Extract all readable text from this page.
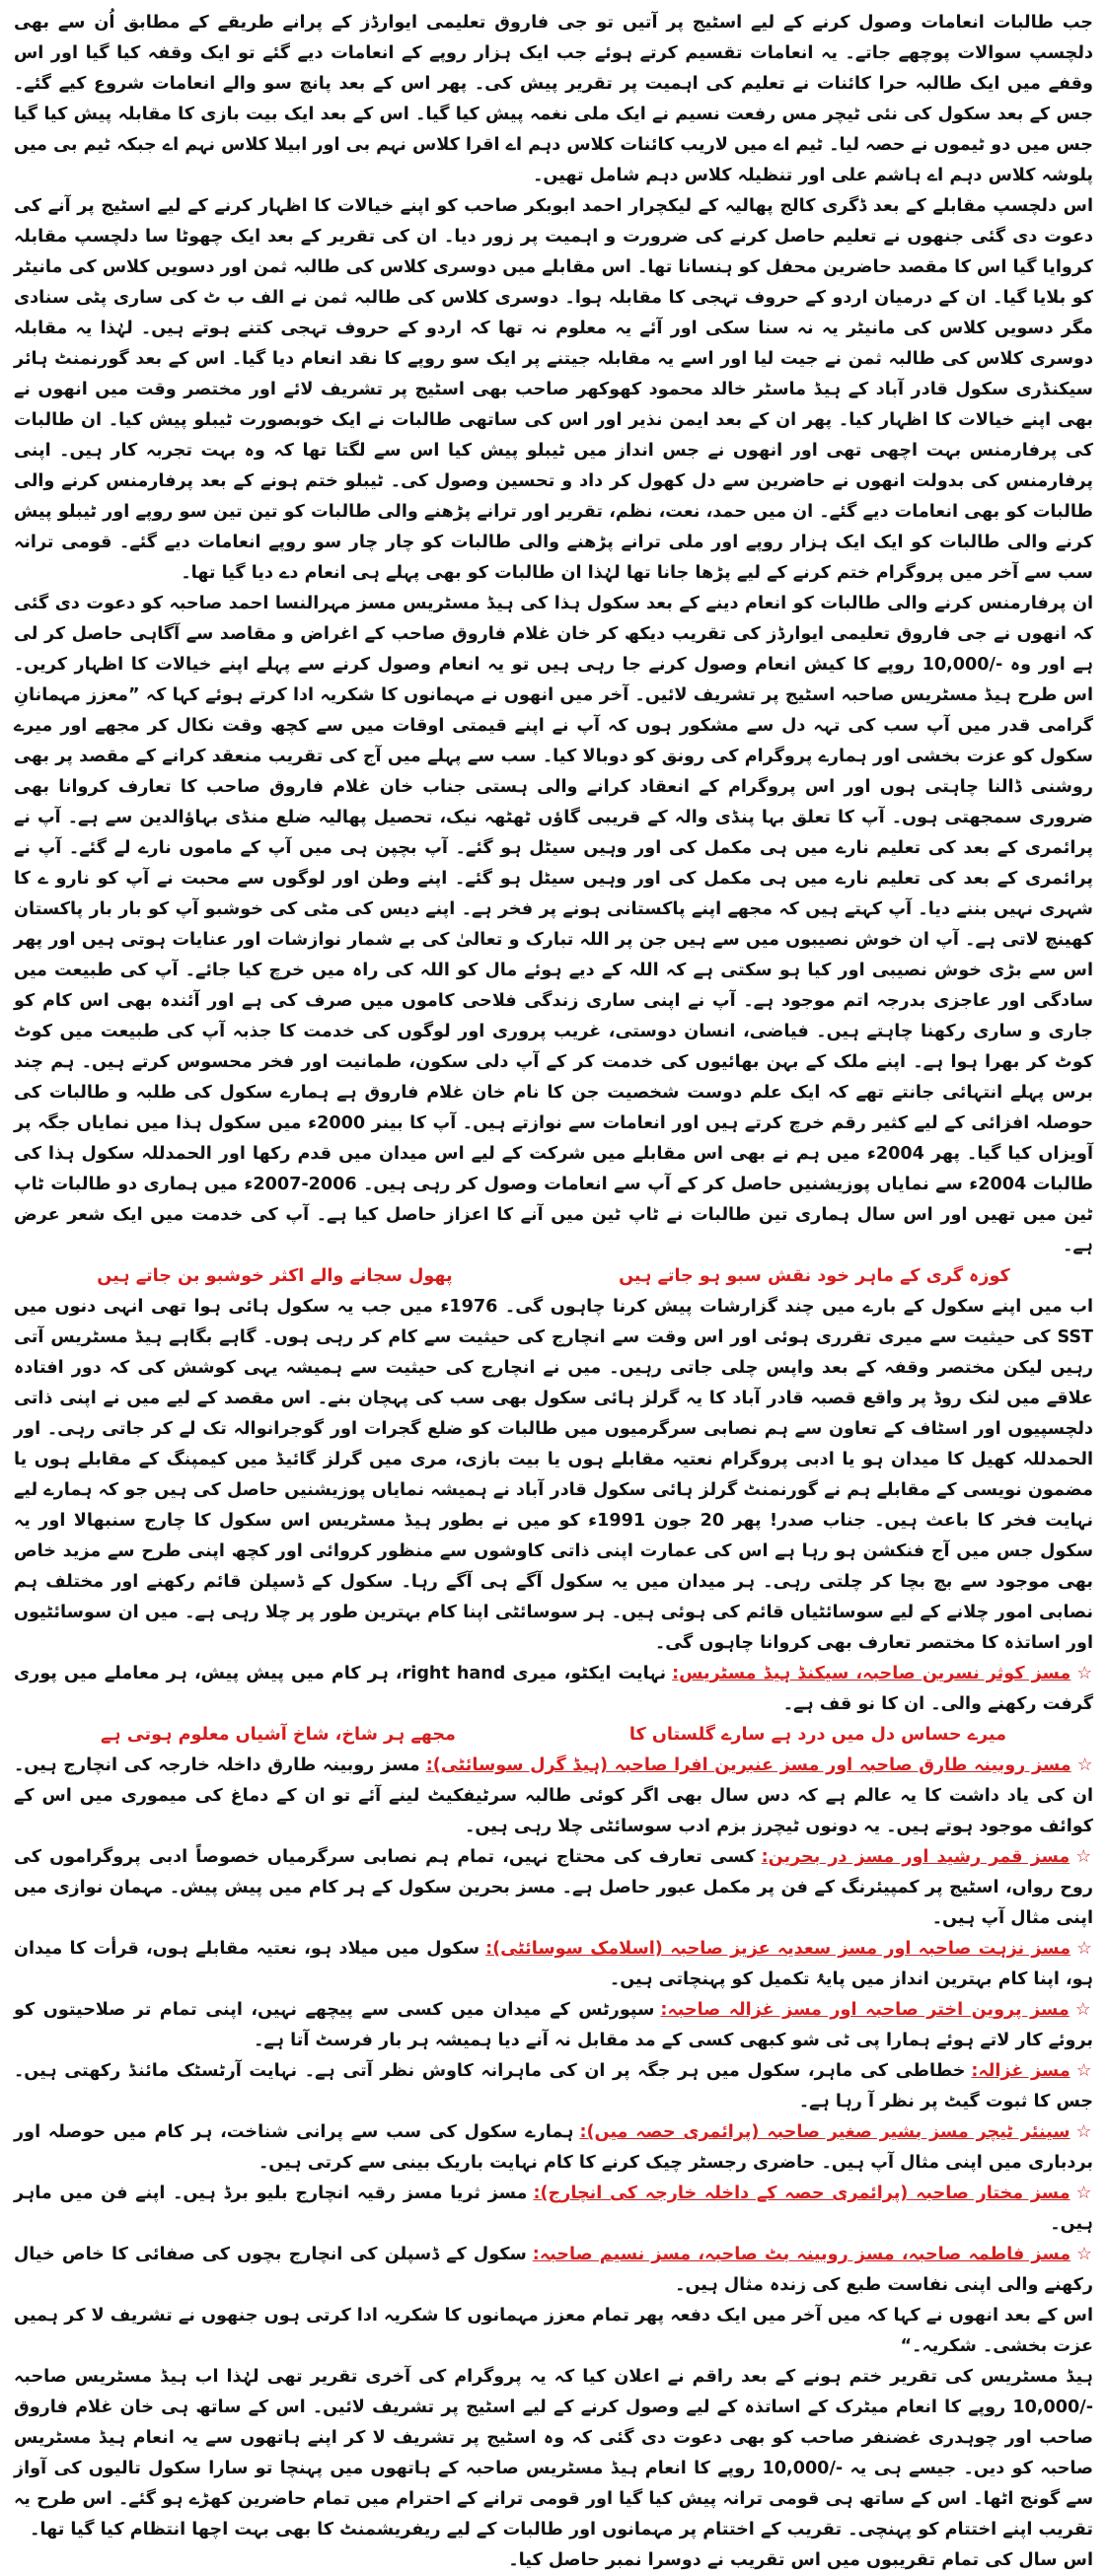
جب طالبات انعامات وصول کرنے کے لیے اسٹیج پر آتیں تو جی فاروق تعلیمی ایوارڈز کے پرانے طریقے کے مطابق اُن سے بھی دلچسپ سوالات پوچھے جاتے۔ یہ انعامات تقسیم کرتے ہوئے جب ایک ہزار روپے کے انعامات دیے گئے تو ایک وقفہ کیا گیا اور اس وقفے میں ایک طالبہ حرا کائنات نے تعلیم کی اہمیت پر تقریر پیش کی۔ پھر اس کے بعد پانچ سو والے انعامات شروع کیے گئے۔ جس کے بعد سکول کی نئی ٹیچر مس رفعت نسیم نے ایک ملی نغمہ پیش کیا گیا۔ اس کے بعد ایک بیت بازی کا مقابلہ پیش کیا گیا جس میں دو ٹیموں نے حصہ لیا۔ ٹیم اے میں لاریب کائنات کلاس دہم اے اقرا کلاس نہم بی اور ابیلا کلاس نہم اے جبکہ ٹیم بی میں پلوشہ کلاس دہم اے ہاشم علی اور تنظیلہ کلاس دہم شامل تھیں۔

اس دلچسپ مقابلے کے بعد ڈگری کالج پھالیہ کے لیکچرار احمد ابوبکر صاحب کو اپنے خیالات کا اظہار کرنے کے لیے اسٹیج پر آنے کی دعوت دی گئی جنھوں نے تعلیم حاصل کرنے کی ضرورت و اہمیت پر زور دیا۔ ان کی تقریر کے بعد ایک چھوٹا سا دلچسپ مقابلہ کروایا گیا اس کا مقصد حاضرین محفل کو ہنسانا تھا۔ اس مقابلے میں دوسری کلاس کی طالبہ ثمن اور دسویں کلاس کی مانیٹر کو بلایا گیا۔ ان کے درمیان اردو کے حروف تہجی کا مقابلہ ہوا۔ دوسری کلاس کی طالبہ ثمن نے الف ب ٹ کی ساری پٹی سنادی مگر دسویں کلاس کی مانیٹر یہ نہ سنا سکی اور آئے یہ معلوم نہ تھا کہ اردو کے حروف تہجی کتنے ہوتے ہیں۔ لہٰذا یہ مقابلہ دوسری کلاس کی طالبہ ثمن نے جیت لیا اور اسے یہ مقابلہ جیتنے پر ایک سو روپے کا نقد انعام دیا گیا۔ اس کے بعد گورنمنٹ ہائر سیکنڈری سکول قادر آباد کے ہیڈ ماسٹر خالد محمود کھوکھر صاحب بھی اسٹیج پر تشریف لائے اور مختصر وقت میں انھوں نے بھی اپنے خیالات کا اظہار کیا۔ پھر ان کے بعد ایمن نذیر اور اس کی ساتھی طالبات نے ایک خوبصورت ٹیبلو پیش کیا۔ ان طالبات کی پرفارمنس بہت اچھی تھی اور انھوں نے جس انداز میں ٹیبلو پیش کیا اس سے لگتا تھا کہ وہ بہت تجربہ کار ہیں۔ اپنی پرفارمنس کی بدولت انھوں نے حاضرین سے دل کھول کر داد و تحسین وصول کی۔ ٹیبلو ختم ہونے کے بعد پرفارمنس کرنے والی طالبات کو بھی انعامات دیے گئے۔ ان میں حمد، نعت، نظم، تقریر اور ترانے پڑھنے والی طالبات کو تین تین سو روپے اور ٹیبلو پیش کرنے والی طالبات کو ایک ایک ہزار روپے اور ملی ترانے پڑھنے والی طالبات کو چار چار سو روپے انعامات دیے گئے۔ قومی ترانہ سب سے آخر میں پروگرام ختم کرنے کے لیے پڑھا جانا تھا لہٰذا ان طالبات کو بھی پہلے ہی انعام دے دیا گیا تھا۔

ان پرفارمنس کرنے والی طالبات کو انعام دینے کے بعد سکول ہذا کی ہیڈ مسٹریس مسز مہرالنسا احمد صاحبہ کو دعوت دی گئی کہ انھوں نے جی فاروق تعلیمی ایوارڈز کی تقریب دیکھ کر خان غلام فاروق صاحب کے اغراض و مقاصد سے آگاہی حاصل کر لی ہے اور وہ -/10,000 روپے کا کیش انعام وصول کرنے جا رہی ہیں تو یہ انعام وصول کرنے سے پہلے اپنے خیالات کا اظہار کریں۔ اس طرح ہیڈ مسٹریس صاحبہ اسٹیج پر تشریف لائیں۔ آخر میں انھوں نے مہمانوں کا شکریہ ادا کرتے ہوئے کہا کہ ”معزز مہمانانِ گرامی قدر میں آپ سب کی تہہ دل سے مشکور ہوں کہ آپ نے اپنے قیمتی اوقات میں سے کچھ وقت نکال کر مجھے اور میرے سکول کو عزت بخشی اور ہمارے پروگرام کی رونق کو دوبالا کیا۔ سب سے پہلے میں آج کی تقریب منعقد کرانے کے مقصد پر بھی روشنی ڈالنا چاہتی ہوں اور اس پروگرام کے انعقاد کرانے والی ہستی جناب خان غلام فاروق صاحب کا تعارف کروانا بھی ضروری سمجھتی ہوں۔ آپ کا تعلق بہا پنڈی والہ کے قریبی گاؤں ٹھٹھہ نیک، تحصیل پھالیہ ضلع منڈی بہاؤالدین سے ہے۔ آپ نے پرائمری کے بعد کی تعلیم نارے میں ہی مکمل کی اور وہیں سیٹل ہو گئے۔ آپ بچپن ہی میں آپ کے ماموں نارے لے گئے۔ آپ نے پرائمری کے بعد کی تعلیم نارے میں ہی مکمل کی اور وہیں سیٹل ہو گئے۔ اپنے وطن اور لوگوں سے محبت نے آپ کو نارو ے کا شہری نہیں بننے دیا۔ آپ کہتے ہیں کہ مجھے اپنے پاکستانی ہونے پر فخر ہے۔ اپنے دیس کی مٹی کی خوشبو آپ کو بار بار پاکستان کھینچ لاتی ہے۔ آپ ان خوش نصیبوں میں سے ہیں جن پر اللہ تبارک و تعالیٰ کی بے شمار نوازشات اور عنایات ہوتی ہیں اور پھر اس سے بڑی خوش نصیبی اور کیا ہو سکتی ہے کہ اللہ کے دیے ہوئے مال کو اللہ کی راہ میں خرچ کیا جائے۔ آپ کی طبیعت میں سادگی اور عاجزی بدرجہ اتم موجود ہے۔ آپ نے اپنی ساری زندگی فلاحی کاموں میں صرف کی ہے اور آئندہ بھی اس کام کو جاری و ساری رکھنا چاہتے ہیں۔ فیاضی، انسان دوستی، غریب پروری اور لوگوں کی خدمت کا جذبہ آپ کی طبیعت میں کوٹ کوٹ کر بھرا ہوا ہے۔ اپنے ملک کے بہن بھائیوں کی خدمت کر کے آپ دلی سکون، طمانیت اور فخر محسوس کرتے ہیں۔ ہم چند برس پہلے انتہائی جانتے تھے کہ ایک علم دوست شخصیت جن کا نام خان غلام فاروق ہے ہمارے سکول کی طلبہ و طالبات کی حوصلہ افزائی کے لیے کثیر رقم خرچ کرتے ہیں اور انعامات سے نوازتے ہیں۔ آپ کا بینر 2000ء میں سکول ہذا میں نمایاں جگہ پر آویزاں کیا گیا۔ پھر 2004ء میں ہم نے بھی اس مقابلے میں شرکت کے لیے اس میدان میں قدم رکھا اور الحمدللہ سکول ہذا کی طالبات 2004ء سے نمایاں پوزیشنیں حاصل کر کے آپ سے انعامات وصول کر رہی ہیں۔ 2006-2007ء میں ہماری دو طالبات ٹاپ ٹین میں تھیں اور اس سال ہماری تین طالبات نے ٹاپ ٹین میں آنے کا اعزاز حاصل کیا ہے۔ آپ کی خدمت میں ایک شعر عرض ہے۔

کوزہ گری کے ماہر خود نقش سبو ہو جاتے ہیں
پھول سجانے والے اکثر خوشبو بن جاتے ہیں

اب میں اپنے سکول کے بارے میں چند گزارشات پیش کرنا چاہوں گی۔ 1976ء میں جب یہ سکول ہائی ہوا تھی انہی دنوں میں SST کی حیثیت سے میری تقرری ہوئی اور اس وقت سے انچارج کی حیثیت سے کام کر رہی ہوں۔ گاہے بگاہے ہیڈ مسٹریس آتی رہیں لیکن مختصر وقفہ کے بعد واپس چلی جاتی رہیں۔ میں نے انچارج کی حیثیت سے ہمیشہ یہی کوشش کی کہ دور افتادہ علاقے میں لنک روڈ پر واقع قصبہ قادر آباد کا یہ گرلز ہائی سکول بھی سب کی پہچان بنے۔ اس مقصد کے لیے میں نے اپنی ذاتی دلچسپیوں اور اسٹاف کے تعاون سے ہم نصابی سرگرمیوں میں طالبات کو ضلع گجرات اور گوجرانوالہ تک لے کر جاتی رہی۔ اور الحمدللہ کھیل کا میدان ہو یا ادبی پروگرام نعتیہ مقابلے ہوں یا بیت بازی، مری میں گرلز گائیڈ میں کیمپنگ کے مقابلے ہوں یا مضمون نویسی کے مقابلے ہم نے گورنمنٹ گرلز ہائی سکول قادر آباد نے ہمیشہ نمایاں پوزیشنیں حاصل کی ہیں جو کہ ہمارے لیے نہایت فخر کا باعث ہیں۔ جناب صدر! پھر 20 جون 1991ء کو میں نے بطور ہیڈ مسٹریس اس سکول کا چارج سنبھالا اور یہ سکول جس میں آج فنکشن ہو رہا ہے اس کی عمارت اپنی ذاتی کاوشوں سے منظور کروائی اور کچھ اپنی طرح سے مزید خاص بھی موجود سے بچ بچا کر چلتی رہی۔ ہر میدان میں یہ سکول آگے ہی آگے رہا۔ سکول کے ڈسپلن قائم رکھنے اور مختلف ہم نصابی امور چلانے کے لیے سوسائٹیاں قائم کی ہوئی ہیں۔ ہر سوسائٹی اپنا کام بہترین طور پر چلا رہی ہے۔ میں ان سوسائٹیوں اور اساتذہ کا مختصر تعارف بھی کروانا چاہوں گی۔

☆مسز کوثر نسرین صاحبہ، سیکنڈ ہیڈ مسٹریس:نہایت ایکٹو، میری right hand، ہر کام میں پیش پیش، ہر معاملے میں پوری گرفت رکھنے والی۔ ان کا نو قف ہے۔

میرے حساس دل میں درد ہے سارے گلستاں کا
مجھے ہر شاخ، شاخ آشیاں معلوم ہوتی ہے

☆مسز روبینہ طارق صاحبہ اور مسز عنبرین افرا صاحبہ (ہیڈ گرل سوسائٹی):مسز روبینہ طارق داخلہ خارجہ کی انچارج ہیں۔ ان کی یاد داشت کا یہ عالم ہے کہ دس سال بھی اگر کوئی طالبہ سرٹیفکیٹ لینے آئے تو ان کے دماغ کی میموری میں اس کے کوائف موجود ہوتے ہیں۔ یہ دونوں ٹیچرز بزم ادب سوسائٹی چلا رہی ہیں۔

☆مسز قمر رشید اور مسز در بحرین:کسی تعارف کی محتاج نہیں، تمام ہم نصابی سرگرمیاں خصوصاً ادبی پروگراموں کی روح رواں، اسٹیج پر کمپیئرنگ کے فن پر مکمل عبور حاصل ہے۔ مسز بحرین سکول کے ہر کام میں پیش پیش۔ مہمان نوازی میں اپنی مثال آپ ہیں۔

☆مسز نزہت صاحبہ اور مسز سعدیہ عزیز صاحبہ (اسلامک سوسائٹی):سکول میں میلاد ہو، نعتیہ مقابلے ہوں، قرأت کا میدان ہو، اپنا کام بہترین انداز میں پایۂ تکمیل کو پہنچاتی ہیں۔

☆مسز پروین اختر صاحبہ اور مسز غزالہ صاحبہ:سپورٹس کے میدان میں کسی سے پیچھے نہیں، اپنی تمام تر صلاحیتوں کو بروئے کار لاتے ہوئے ہمارا پی ٹی شو کبھی کسی کے مد مقابل نہ آنے دیا ہمیشہ ہر بار فرسٹ آتا ہے۔

☆مسز غزالہ:خطاطی کی ماہر، سکول میں ہر جگہ پر ان کی ماہرانہ کاوش نظر آتی ہے۔ نہایت آرٹسٹک مائنڈ رکھتی ہیں۔ جس کا ثبوت گیٹ پر نظر آ رہا ہے۔

☆سینئر ٹیچر مسز بشیر صغیر صاحبہ (پرائمری حصہ میں):ہمارے سکول کی سب سے پرانی شناخت، ہر کام میں حوصلہ اور بردباری میں اپنی مثال آپ ہیں۔ حاضری رجسٹر چیک کرنے کا کام نہایت باریک بینی سے کرتی ہیں۔

☆مسز مختار صاحبہ (پرائمری حصہ کے داخلہ خارجہ کی انچارج):مسز ثریا مسز رقیہ انچارج بلیو برڈ ہیں۔ اپنے فن میں ماہر ہیں۔

☆مسز فاطمہ صاحبہ، مسز روبینہ بٹ صاحبہ، مسز نسیم صاحبہ:سکول کے ڈسپلن کی انچارج بچوں کی صفائی کا خاص خیال رکھنے والی اپنی نفاست طبع کی زندہ مثال ہیں۔

اس کے بعد انھوں نے کہا کہ میں آخر میں ایک دفعہ پھر تمام معزز مہمانوں کا شکریہ ادا کرتی ہوں جنھوں نے تشریف لا کر ہمیں عزت بخشی۔ شکریہ۔“

ہیڈ مسٹریس کی تقریر ختم ہونے کے بعد راقم نے اعلان کیا کہ یہ پروگرام کی آخری تقریر تھی لہٰذا اب ہیڈ مسٹریس صاحبہ -/10,000 روپے کا انعام میٹرک کے اساتذہ کے لیے وصول کرنے کے لیے اسٹیج پر تشریف لائیں۔ اس کے ساتھ ہی خان غلام فاروق صاحب اور چوہدری غضنفر صاحب کو بھی دعوت دی گئی کہ وہ اسٹیج پر تشریف لا کر اپنے ہاتھوں سے یہ انعام ہیڈ مسٹریس صاحبہ کو دیں۔ جیسے ہی یہ -/10,000 روپے کا انعام ہیڈ مسٹریس صاحبہ کے ہاتھوں میں پہنچا تو سارا سکول تالیوں کی آواز سے گونج اٹھا۔ اس کے ساتھ ہی قومی ترانہ پیش کیا گیا اور قومی ترانے کے احترام میں تمام حاضرین کھڑے ہو گئے۔ اس طرح یہ تقریب اپنے اختتام کو پہنچی۔ تقریب کے اختتام پر مہمانوں اور طالبات کے لیے ریفریشمنٹ کا بھی بہت اچھا انتظام کیا گیا تھا۔

اس سال کی تمام تقریبوں میں اس تقریب نے دوسرا نمبر حاصل کیا۔
